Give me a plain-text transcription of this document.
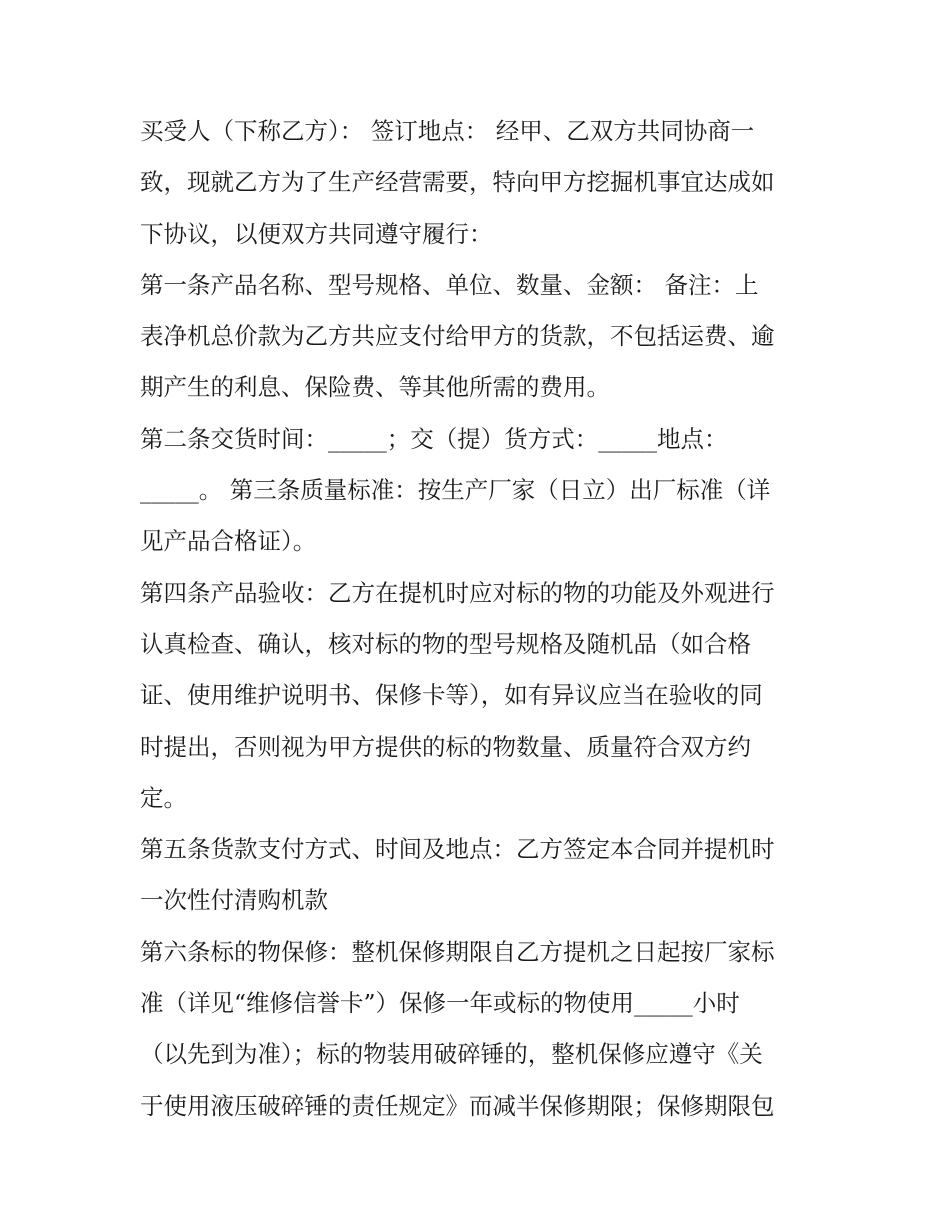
买受人（下称乙方）： 签订地点： 经甲、乙双方共同协商一
致，现就乙方为了生产经营需要，特向甲方挖掘机事宜达成如
下协议，以便双方共同遵守履行：
第一条产品名称、型号规格、单位、数量、金额： 备注：上
表净机总价款为乙方共应支付给甲方的货款，不包括运费、逾
期产生的利息、保险费、等其他所需的费用。
第二条交货时间：_____；交（提）货方式：_____地点：
_____。 第三条质量标准：按生产厂家（日立）出厂标准（详
见产品合格证）。
第四条产品验收：乙方在提机时应对标的物的功能及外观进行
认真检查、确认，核对标的物的型号规格及随机品（如合格
证、使用维护说明书、保修卡等），如有异议应当在验收的同
时提出，否则视为甲方提供的标的物数量、质量符合双方约
定。
第五条货款支付方式、时间及地点：乙方签定本合同并提机时
一次性付清购机款
第六条标的物保修：整机保修期限自乙方提机之日起按厂家标
准（详见“维修信誉卡”）保修一年或标的物使用_____小时
（以先到为准）；标的物装用破碎锤的，整机保修应遵守《关
于使用液压破碎锤的责任规定》而减半保修期限；保修期限包
